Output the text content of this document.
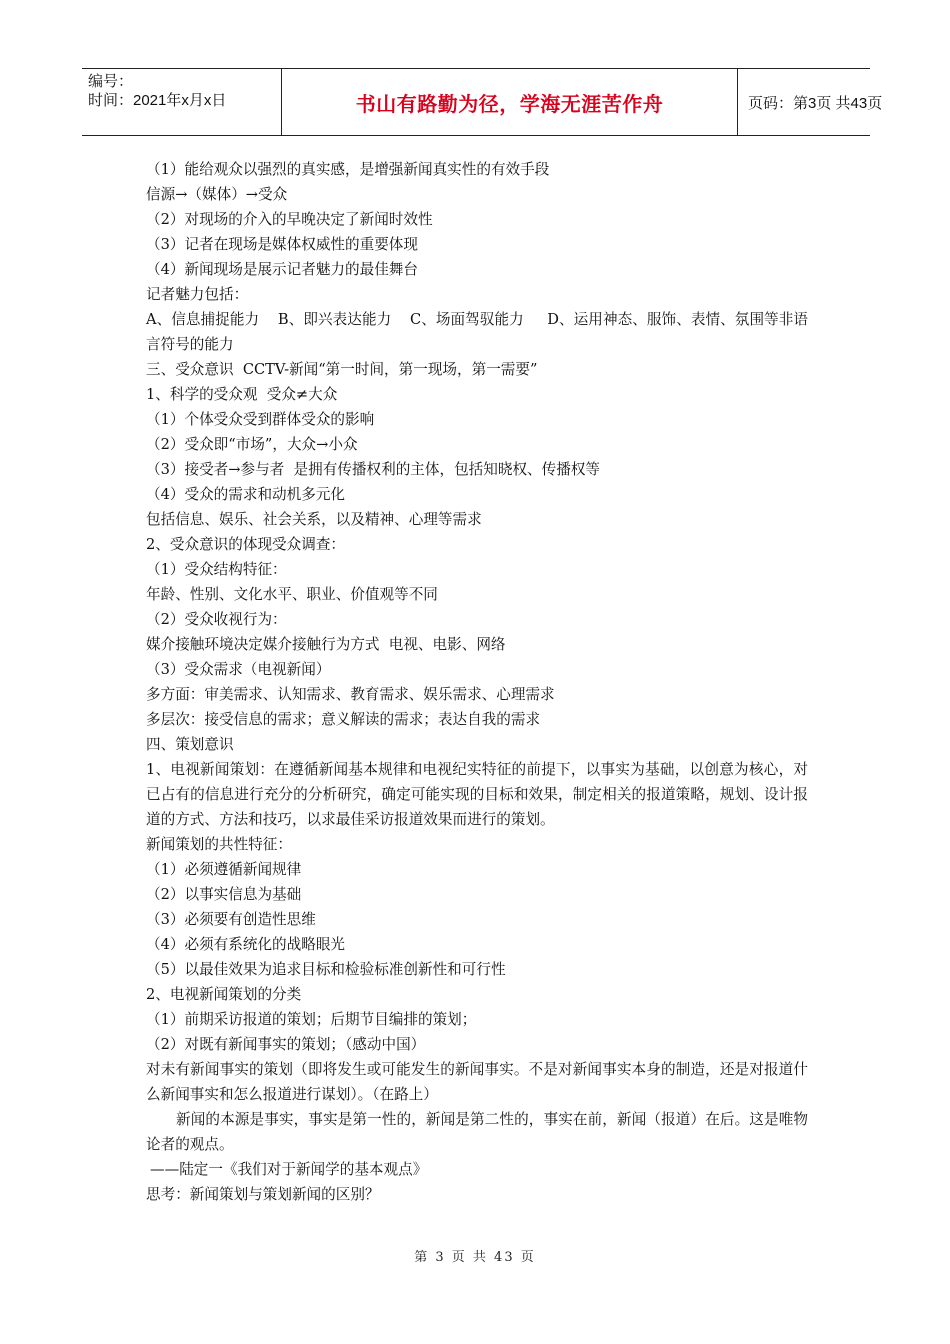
编号：
时间：2021年x月x日	书山有路勤为径，学海无涯苦作舟	页码：第3页 共43页

（1）能给观众以强烈的真实感，是增强新闻真实性的有效手段

信源→（媒体）→受众

（2）对现场的介入的早晚决定了新闻时效性

（3）记者在现场是媒体权威性的重要体现

（4）新闻现场是展示记者魅力的最佳舞台

记者魅力包括：

A、信息捕捉能力    B、即兴表达能力    C、场面驾驭能力     D、运用神态、服饰、表情、氛围等非语言符号的能力

三、受众意识  CCTV-新闻“第一时间，第一现场，第一需要”

1、科学的受众观  受众≠大众

（1）个体受众受到群体受众的影响

（2）受众即“市场”，大众→小众

（3）接受者→参与者  是拥有传播权利的主体，包括知晓权、传播权等

（4）受众的需求和动机多元化

包括信息、娱乐、社会关系，以及精神、心理等需求

2、受众意识的体现受众调查：

（1）受众结构特征：

年龄、性别、文化水平、职业、价值观等不同

（2）受众收视行为：

媒介接触环境决定媒介接触行为方式  电视、电影、网络

（3）受众需求（电视新闻）

多方面：审美需求、认知需求、教育需求、娱乐需求、心理需求

多层次：接受信息的需求；意义解读的需求；表达自我的需求

四、策划意识

1、电视新闻策划：在遵循新闻基本规律和电视纪实特征的前提下，以事实为基础，以创意为核心，对已占有的信息进行充分的分析研究，确定可能实现的目标和效果，制定相关的报道策略，规划、设计报道的方式、方法和技巧，以求最佳采访报道效果而进行的策划。

新闻策划的共性特征：

（1）必须遵循新闻规律

（2）以事实信息为基础

（3）必须要有创造性思维

（4）必须有系统化的战略眼光

（5）以最佳效果为追求目标和检验标准创新性和可行性

2、电视新闻策划的分类

（1）前期采访报道的策划；后期节目编排的策划；

（2）对既有新闻事实的策划；（感动中国）

对未有新闻事实的策划（即将发生或可能发生的新闻事实。不是对新闻事实本身的制造，还是对报道什么新闻事实和怎么报道进行谋划）。（在路上）

新闻的本源是事实，事实是第一性的，新闻是第二性的，事实在前，新闻（报道）在后。这是唯物论者的观点。

——陆定一《我们对于新闻学的基本观点》

思考：新闻策划与策划新闻的区别？

第 3 页 共 43 页
